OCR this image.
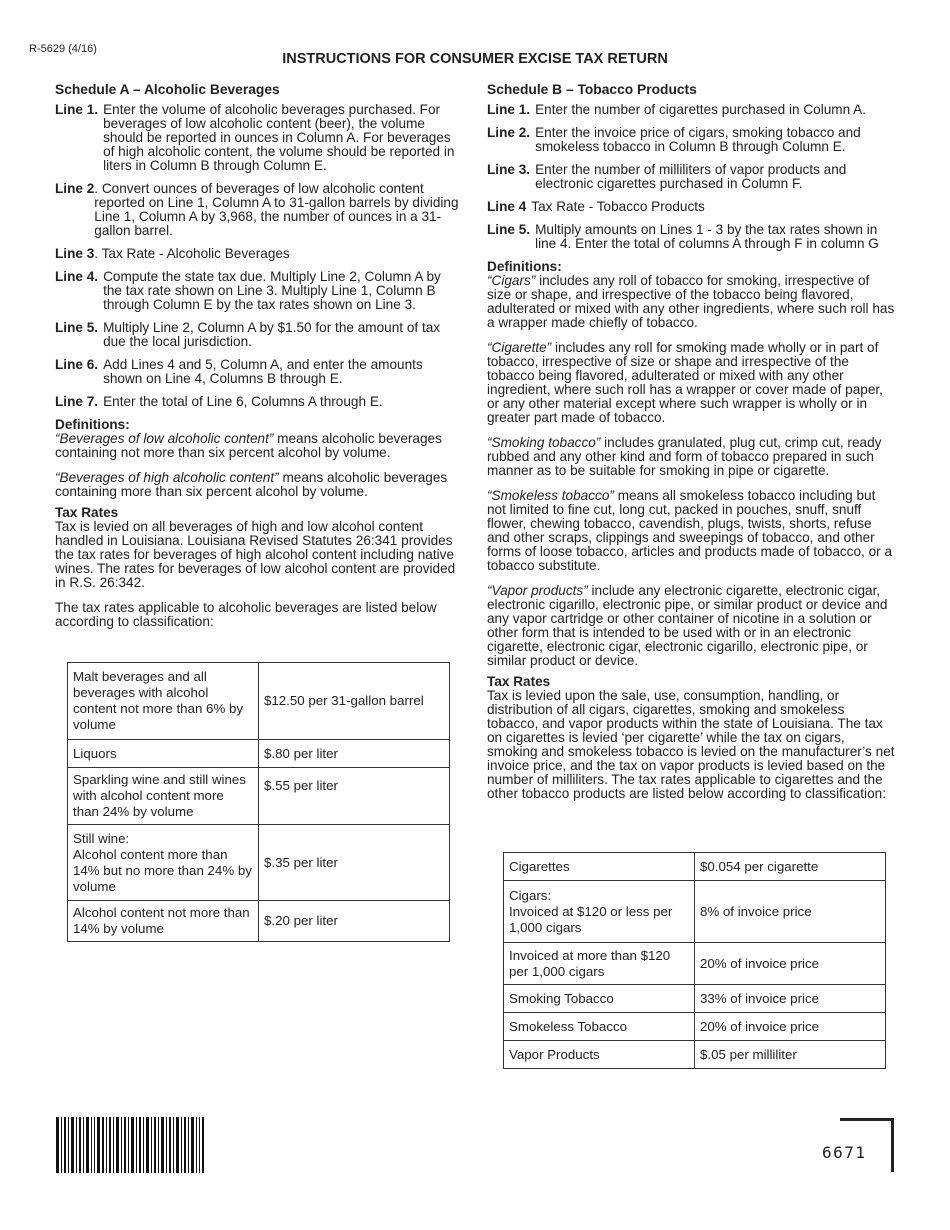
R-5629 (4/16)
INSTRUCTIONS FOR CONSUMER EXCISE TAX RETURN
Schedule A – Alcoholic Beverages
Line 1. Enter the volume of alcoholic beverages purchased. For beverages of low alcoholic content (beer), the volume should be reported in ounces in Column A. For beverages of high alcoholic content, the volume should be reported in liters in Column B through Column E.
Line 2 . Convert ounces of beverages of low alcoholic content reported on Line 1, Column A to 31-gallon barrels by dividing Line 1, Column A by 3,968, the number of ounces in a 31-gallon barrel.
Line 3 . Tax Rate - Alcoholic Beverages
Line 4. Compute the state tax due. Multiply Line 2, Column A by the tax rate shown on Line 3. Multiply Line 1, Column B through Column E by the tax rates shown on Line 3.
Line 5. Multiply Line 2, Column A by $1.50 for the amount of tax due the local jurisdiction.
Line 6. Add Lines 4 and 5, Column A, and enter the amounts shown on Line 4, Columns B through E.
Line 7. Enter the total of Line 6, Columns A through E.
Definitions:

“Beverages of low alcoholic content” means alcoholic beverages containing not more than six percent alcohol by volume.

“Beverages of high alcoholic content” means alcoholic beverages containing more than six percent alcohol by volume.

Tax Rates

Tax is levied on all beverages of high and low alcohol content handled in Louisiana. Louisiana Revised Statutes 26:341 provides the tax rates for beverages of high alcohol content including native wines. The rates for beverages of low alcohol content are provided in R.S. 26:342.

The tax rates applicable to alcoholic beverages are listed below according to classification:

Malt beverages and all beverages with alcohol content not more than 6% by volume	$12.50 per 31-gallon barrel
Liquors	$.80 per liter
Sparkling wine and still wines with alcohol content more than 24% by volume	$.55 per liter
Still wine:
Alcohol content more than 14% but no more than 24% by volume	$.35 per liter
Alcohol content not more than 14% by volume	$.20 per liter
Schedule B – Tobacco Products
Line 1. Enter the number of cigarettes purchased in Column A.
Line 2. Enter the invoice price of cigars, smoking tobacco and smokeless tobacco in Column B through Column E.
Line 3. Enter the number of milliliters of vapor products and electronic cigarettes purchased in Column F.
Line 4 Tax Rate - Tobacco Products
Line 5. Multiply amounts on Lines 1 - 3 by the tax rates shown in line 4. Enter the total of columns A through F in column G
Definitions:

“Cigars” includes any roll of tobacco for smoking, irrespective of size or shape, and irrespective of the tobacco being flavored, adulterated or mixed with any other ingredients, where such roll has a wrapper made chiefly of tobacco.

“Cigarette” includes any roll for smoking made wholly or in part of tobacco, irrespective of size or shape and irrespective of the tobacco being flavored, adulterated or mixed with any other ingredient, where such roll has a wrapper or cover made of paper, or any other material except where such wrapper is wholly or in greater part made of tobacco.

“Smoking tobacco” includes granulated, plug cut, crimp cut, ready rubbed and any other kind and form of tobacco prepared in such manner as to be suitable for smoking in pipe or cigarette.

“Smokeless tobacco” means all smokeless tobacco including but not limited to fine cut, long cut, packed in pouches, snuff, snuff flower, chewing tobacco, cavendish, plugs, twists, shorts, refuse and other scraps, clippings and sweepings of tobacco, and other forms of loose tobacco, articles and products made of tobacco, or a tobacco substitute.

“Vapor products” include any electronic cigarette, electronic cigar, electronic cigarillo, electronic pipe, or similar product or device and any vapor cartridge or other container of nicotine in a solution or other form that is intended to be used with or in an electronic cigarette, electronic cigar, electronic cigarillo, electronic pipe, or similar product or device.

Tax Rates

Tax is levied upon the sale, use, consumption, handling, or distribution of all cigars, cigarettes, smoking and smokeless tobacco, and vapor products within the state of Louisiana. The tax on cigarettes is levied ‘per cigarette’ while the tax on cigars, smoking and smokeless tobacco is levied on the manufacturer’s net invoice price, and the tax on vapor products is levied based on the number of milliliters. The tax rates applicable to cigarettes and the other tobacco products are listed below according to classification:

Cigarettes	$0.054 per cigarette
Cigars:
Invoiced at $120 or less per 1,000 cigars	8% of invoice price
Invoiced at more than $120 per 1,000 cigars	20% of invoice price
Smoking Tobacco	33% of invoice price
Smokeless Tobacco	20% of invoice price
Vapor Products	$.05 per milliliter
6671
